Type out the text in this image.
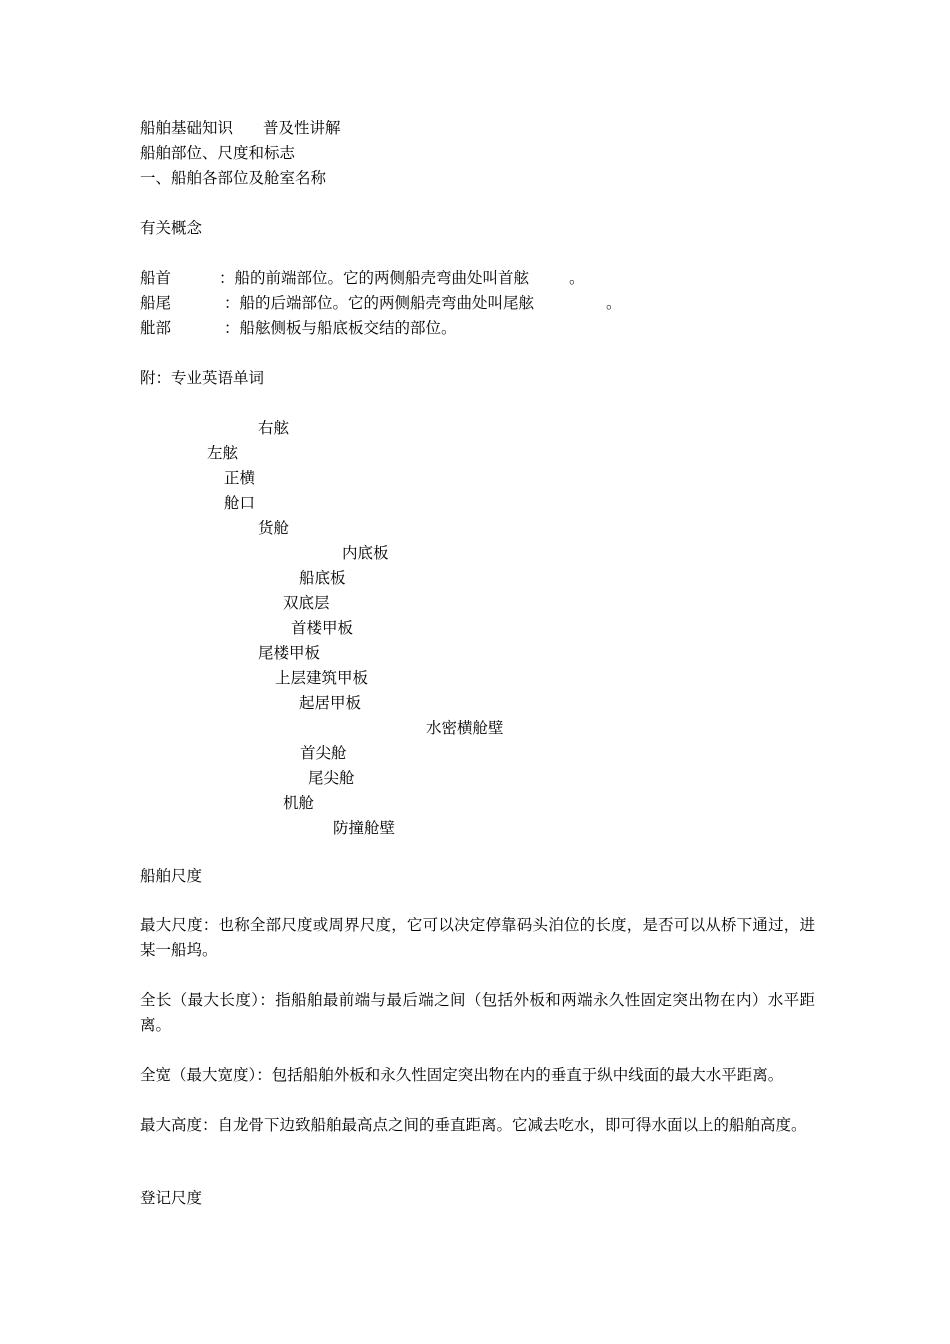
船舶基础知识 普及性讲解
船舶部位、尺度和标志
一、船舶各部位及舱室名称
有关概念
船首	：船的前端部位。它的两侧船壳弯曲处叫首舷	。
船尾	：船的后端部位。它的两侧船壳弯曲处叫尾舷	。
舭部	：船舷侧板与船底板交结的部位。
附：专业英语单词
右舷
左舷
正横
舱口
货舱
内底板
船底板
双底层
首楼甲板
尾楼甲板
上层建筑甲板
起居甲板
水密横舱壁
首尖舱
尾尖舱
机舱
防撞舱壁
船舶尺度
最大尺度：也称全部尺度或周界尺度，它可以决定停靠码头泊位的长度，是否可以从桥下通过，进某一船坞。
全长（最大长度）：指船舶最前端与最后端之间（包括外板和两端永久性固定突出物在内）水平距离。
全宽（最大宽度）：包括船舶外板和永久性固定突出物在内的垂直于纵中线面的最大水平距离。
最大高度：自龙骨下边致船舶最高点之间的垂直距离。它减去吃水，即可得水面以上的船舶高度。
登记尺度
